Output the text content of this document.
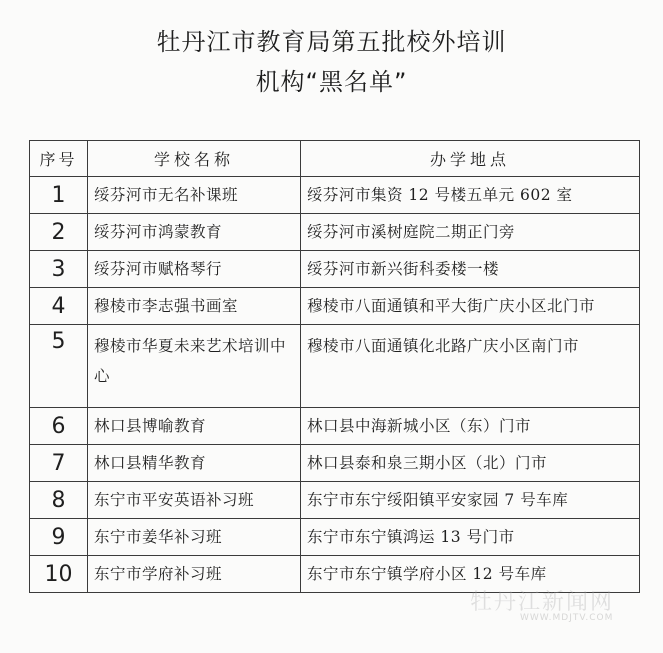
牡丹江市教育局第五批校外培训
机构“黑名单”
序号	学校名称	办学地点
1	绥芬河市无名补课班	绥芬河市集资 12 号楼五单元 602 室
2	绥芬河市鸿蒙教育	绥芬河市溪树庭院二期正门旁
3	绥芬河市赋格琴行	绥芬河市新兴街科委楼一楼
4	穆棱市李志强书画室	穆棱市八面通镇和平大街广庆小区北门市
5	穆棱市华夏未来艺术培训中心	穆棱市八面通镇化北路广庆小区南门市
6	林口县博喻教育	林口县中海新城小区（东）门市
7	林口县精华教育	林口县泰和泉三期小区（北）门市
8	东宁市平安英语补习班	东宁市东宁绥阳镇平安家园 7 号车库
9	东宁市姜华补习班	东宁市东宁镇鸿运 13 号门市
10	东宁市学府补习班	东宁市东宁镇学府小区 12 号车库
牡丹江新闻网
WWW.MDJTV.COM
